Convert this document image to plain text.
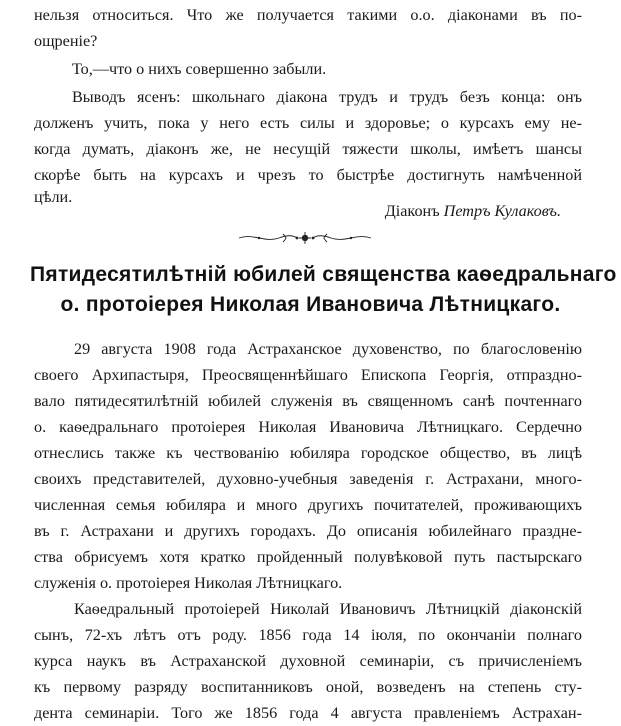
нельзя относиться. Что же получается такими о.о. діаконами въ по-
ощреніе?
То,—что о нихъ совершенно забыли.
Выводъ ясенъ: школьнаго діакона трудъ и трудъ безъ конца: онъ
долженъ учить, пока у него есть силы и здоровье; о курсахъ ему не-
когда думать, діаконъ же, не несущій тяжести школы, имѣетъ шансы
скорѣе быть на курсахъ и чрезъ то быстрѣе достигнуть намѣченной
цѣли.
Діаконъ Петръ Кулаковъ.
Пятидесятилѣтній юбилей священства каѳедральнаго
о. протоіерея Николая Ивановича Лѣтницкаго.
29 августа 1908 года Астраханское духовенство, по благословенію
своего Архипастыря, Преосвященнѣйшаго Епископа Георгія, отпраздно-
вало пятидесятилѣтній юбилей служенія въ священномъ санѣ почтеннаго
о. каѳедральнаго протоіерея Николая Ивановича Лѣтницкаго. Сердечно
отнеслись также къ чествованію юбиляра городское общество, въ лицѣ
своихъ представителей, духовно-учебныя заведенія г. Астрахани, много-
численная семья юбиляра и много другихъ почитателей, проживающихъ
въ г. Астрахани и другихъ городахъ. До описанія юбилейнаго праздне-
ства обрисуемъ хотя кратко пройденный полувѣковой путь пастырскаго
служенія о. протоіерея Николая Лѣтницкаго.
Каѳедральный протоіерей Николай Ивановичъ Лѣтницкій діаконскій
сынъ, 72-хъ лѣтъ отъ роду. 1856 года 14 іюля, по окончаніи полнаго
курса наукъ въ Астраханской духовной семинаріи, съ причисленіемъ
къ первому разряду воспитанниковъ оной, возведенъ на степень сту-
дента семинаріи. Того же 1856 года 4 августа правленіемъ Астрахан-
